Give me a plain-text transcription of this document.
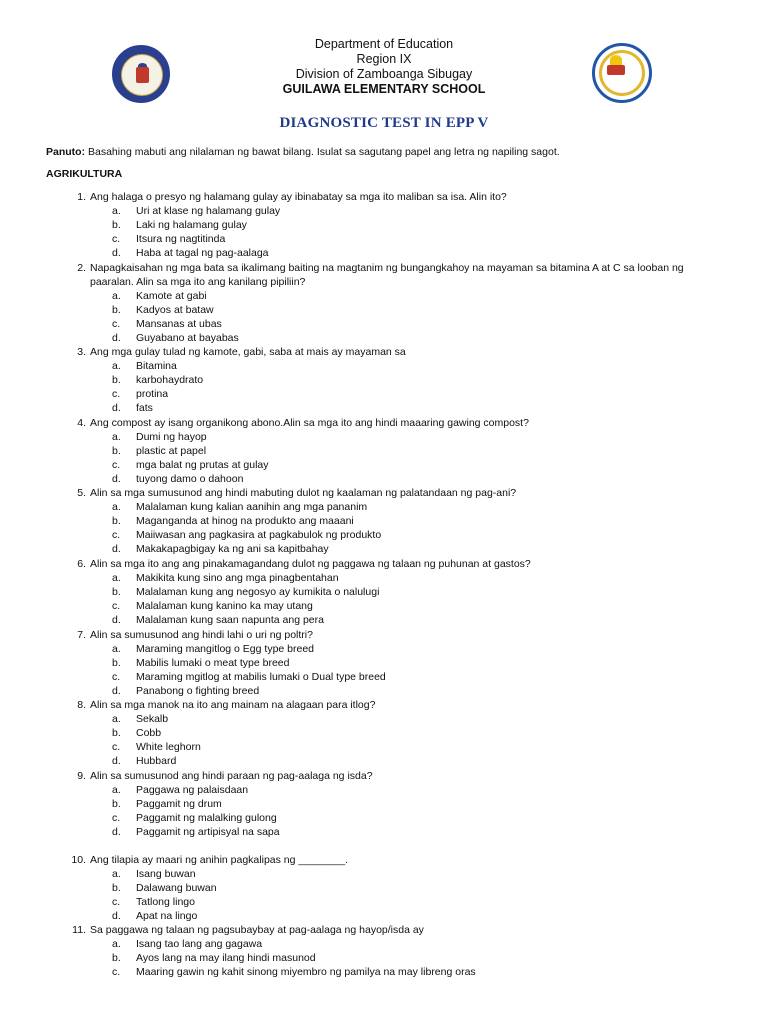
Department of Education
Region IX
Division of Zamboanga Sibugay
GUILAWA ELEMENTARY SCHOOL
DIAGNOSTIC TEST IN EPP V
Panuto: Basahing mabuti ang nilalaman ng bawat bilang. Isulat sa sagutang papel ang letra ng napiling sagot.
AGRIKULTURA
1. Ang halaga o presyo ng halamang gulay ay ibinabatay sa mga ito maliban sa isa. Alin ito?
a. Uri at klase ng halamang gulay
b. Laki ng halamang gulay
c. Itsura ng nagtitinda
d. Haba at tagal ng pag-aalaga
2. Napagkaisahan ng mga bata sa ikalimang baiting na magtanim ng bungangkahoy na mayaman sa bitamina A at C sa looban ng paaralan. Alin sa mga ito ang kanilang pipiliin?
a. Kamote at gabi
b. Kadyos at bataw
c. Mansanas at ubas
d. Guyabano at bayabas
3. Ang mga gulay tulad ng kamote, gabi, saba at mais ay mayaman sa
a. Bitamina
b. karbohaydrato
c. protina
d. fats
4. Ang compost ay isang organikong abono.Alin sa mga ito ang hindi maaaring gawing compost?
a. Dumi ng hayop
b. plastic at papel
c. mga balat ng prutas at gulay
d. tuyong damo o dahoon
5. Alin sa mga sumusunod ang hindi mabuting dulot ng kaalaman ng palatandaan ng pag-ani?
a. Malalaman kung kalian aanihin ang mga pananim
b. Maganganda at hinog na produkto ang maaani
c. Maiiwasan ang pagkasira at pagkabulok ng produkto
d. Makakapagbigay ka ng ani sa kapitbahay
6. Alin sa mga ito ang ang pinakamagandang dulot ng paggawa ng talaan ng puhunan at gastos?
a. Makikita kung sino ang mga pinagbentahan
b. Malalaman kung ang negosyo ay kumikita o nalulugi
c. Malalaman kung kanino ka may utang
d. Malalaman kung saan napunta ang pera
7. Alin sa sumusunod ang hindi lahi o uri ng poltri?
a. Maraming mangitlog o Egg type breed
b. Mabilis lumaki o meat type breed
c. Maraming mgitlog at mabilis lumaki o Dual type breed
d. Panabong o fighting breed
8. Alin sa mga manok na ito ang mainam na alagaan para itlog?
a. Sekalb
b. Cobb
c. White leghorn
d. Hubbard
9. Alin sa sumusunod ang hindi paraan ng pag-aalaga ng isda?
a. Paggawa ng palaisdaan
b. Paggamit ng drum
c. Paggamit ng malalking gulong
d. Paggamit ng artipisyal na sapa
10. Ang tilapia ay maari ng anihin pagkalipas ng ________.
a. Isang buwan
b. Dalawang buwan
c. Tatlong lingo
d. Apat na lingo
11. Sa paggawa ng talaan ng pagsubaybay at pag-aalaga ng hayop/isda ay
a. Isang tao lang ang gagawa
b. Ayos lang na may ilang hindi masunod
c. Maaring gawin ng kahit sinong miyembro ng pamilya na may libreng oras
